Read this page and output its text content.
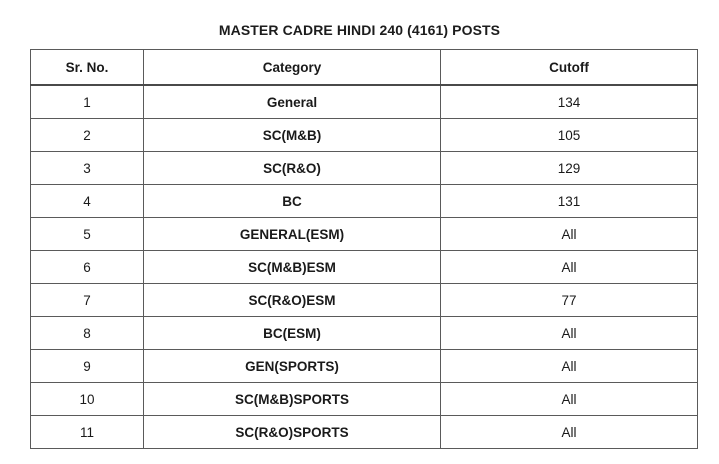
MASTER CADRE HINDI 240 (4161) POSTS
Sr. No.	Category	Cutoff
1	General	134
2	SC(M&B)	105
3	SC(R&O)	129
4	BC	131
5	GENERAL(ESM)	All
6	SC(M&B)ESM	All
7	SC(R&O)ESM	77
8	BC(ESM)	All
9	GEN(SPORTS)	All
10	SC(M&B)SPORTS	All
11	SC(R&O)SPORTS	All
